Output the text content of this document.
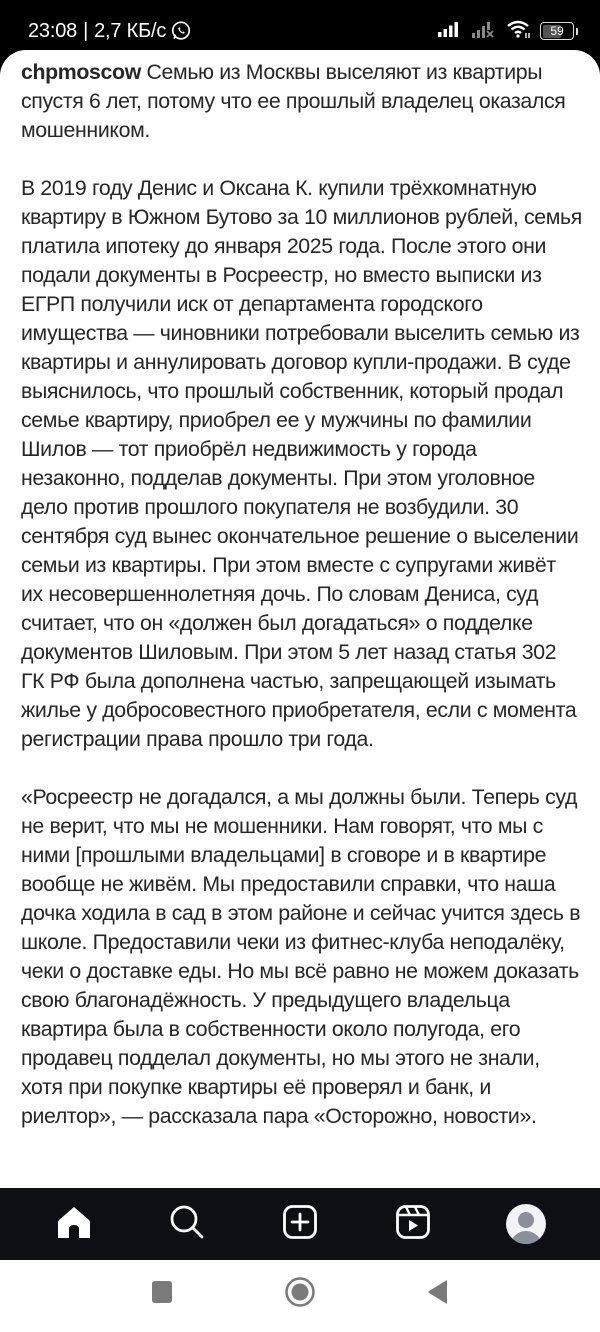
23:08 | 2,7 КБ/с	59

chpmoscow Семью из Москвы выселяют из квартиры спустя 6 лет, потому что ее прошлый владелец оказался мошенником.

В 2019 году Денис и Оксана К. купили трёхкомнатную квартиру в Южном Бутово за 10 миллионов рублей, семья платила ипотеку до января 2025 года. После этого они подали документы в Росреестр, но вместо выписки из ЕГРП получили иск от департамента городского имущества — чиновники потребовали выселить семью из квартиры и аннулировать договор купли-продажи. В суде выяснилось, что прошлый собственник, который продал семье квартиру, приобрел ее у мужчины по фамилии Шилов — тот приобрёл недвижимость у города незаконно, подделав документы. При этом уголовное дело против прошлого покупателя не возбудили. 30 сентября суд вынес окончательное решение о выселении семьи из квартиры. При этом вместе с супругами живёт их несовершеннолетняя дочь. По словам Дениса, суд считает, что он «должен был догадаться» о подделке документов Шиловым. При этом 5 лет назад статья 302 ГК РФ была дополнена частью, запрещающей изымать жилье у добросовестного приобретателя, если с момента регистрации права прошло три года.

«Росреестр не догадался, а мы должны были. Теперь суд не верит, что мы не мошенники. Нам говорят, что мы с ними [прошлыми владельцами] в сговоре и в квартире вообще не живём. Мы предоставили справки, что наша дочка ходила в сад в этом районе и сейчас учится здесь в школе. Предоставили чеки из фитнес-клуба неподалёку, чеки о доставке еды. Но мы всё равно не можем доказать свою благонадёжность. У предыдущего владельца квартира была в собственности около полугода, его продавец подделал документы, но мы этого не знали, хотя при покупке квартиры её проверял и банк, и риелтор», — рассказала пара «Осторожно, новости».
